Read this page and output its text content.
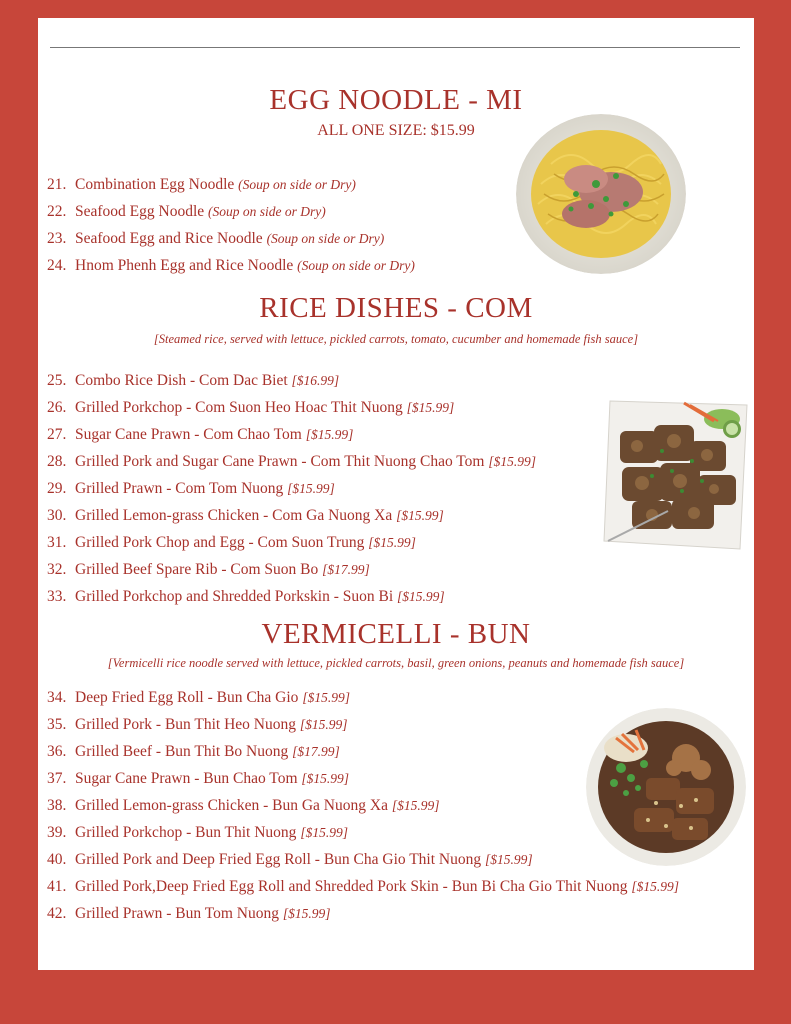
EGG NOODLE - MI
ALL ONE SIZE: $15.99
21. Combination Egg Noodle (Soup on side or Dry)
22. Seafood Egg Noodle (Soup on side or Dry)
23. Seafood Egg and Rice Noodle (Soup on side or Dry)
24. Hnom Phenh Egg and Rice Noodle (Soup on side or Dry)
RICE DISHES - COM
[Steamed rice, served with lettuce, pickled carrots, tomato, cucumber and homemade fish sauce]
25. Combo Rice Dish - Com Dac Biet [$16.99]
26. Grilled Porkchop - Com Suon Heo Hoac Thit Nuong [$15.99]
27. Sugar Cane Prawn - Com Chao Tom [$15.99]
28. Grilled Pork and Sugar Cane Prawn - Com Thit Nuong Chao Tom [$15.99]
29. Grilled Prawn - Com Tom Nuong [$15.99]
30. Grilled Lemon-grass Chicken - Com Ga Nuong Xa [$15.99]
31. Grilled Pork Chop and Egg - Com Suon Trung [$15.99]
32. Grilled Beef Spare Rib - Com Suon Bo [$17.99]
33. Grilled Porkchop and Shredded Porkskin - Suon Bi [$15.99]
VERMICELLI - BUN
[Vermicelli rice noodle served with lettuce, pickled carrots, basil, green onions, peanuts and homemade fish sauce]
34. Deep Fried Egg Roll - Bun Cha Gio [$15.99]
35. Grilled Pork - Bun Thit Heo Nuong [$15.99]
36. Grilled Beef - Bun Thit Bo Nuong [$17.99]
37. Sugar Cane Prawn - Bun Chao Tom [$15.99]
38. Grilled Lemon-grass Chicken - Bun Ga Nuong Xa [$15.99]
39. Grilled Porkchop - Bun Thit Nuong [$15.99]
40. Grilled Pork and Deep Fried Egg Roll - Bun Cha Gio Thit Nuong [$15.99]
41. Grilled Pork,Deep Fried Egg Roll and Shredded Pork Skin - Bun Bi Cha Gio Thit Nuong [$15.99]
42. Grilled Prawn - Bun Tom Nuong [$15.99]
